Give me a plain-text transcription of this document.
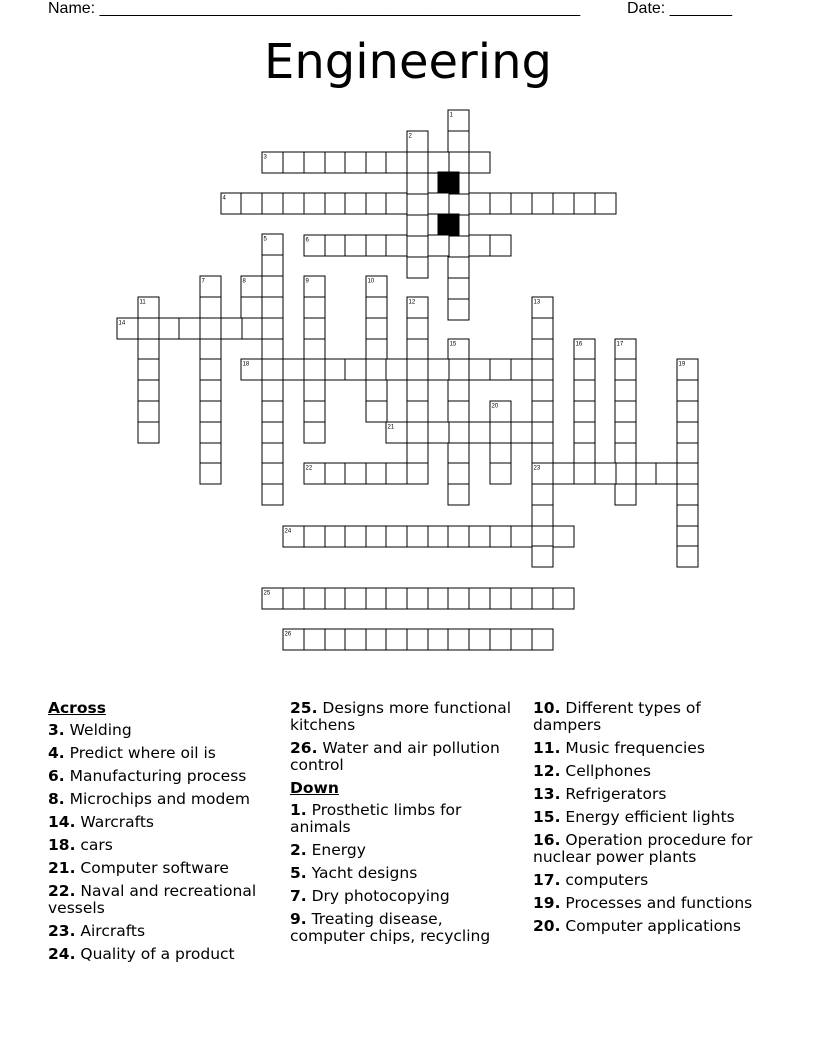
Name: ______________________________________________________	Date: _______
Engineering
1
2
3
4
5	6
7	8	9	10
11	12	13
14
15	16	17
18	19
20
21
22	23
24
25
26
Across
3. Welding
4. Predict where oil is
6. Manufacturing process
8. Microchips and modem
14. Warcrafts
18. cars
21. Computer software
22. Naval and recreational vessels
23. Aircrafts
24. Quality of a product
25. Designs more functional kitchens
26. Water and air pollution control
Down
1. Prosthetic limbs for animals
2. Energy
5. Yacht designs
7. Dry photocopying
9. Treating disease, computer chips, recycling
10. Different types of dampers
11. Music frequencies
12. Cellphones
13. Refrigerators
15. Energy efficient lights
16. Operation procedure for nuclear power plants
17. computers
19. Processes and functions
20. Computer applications
